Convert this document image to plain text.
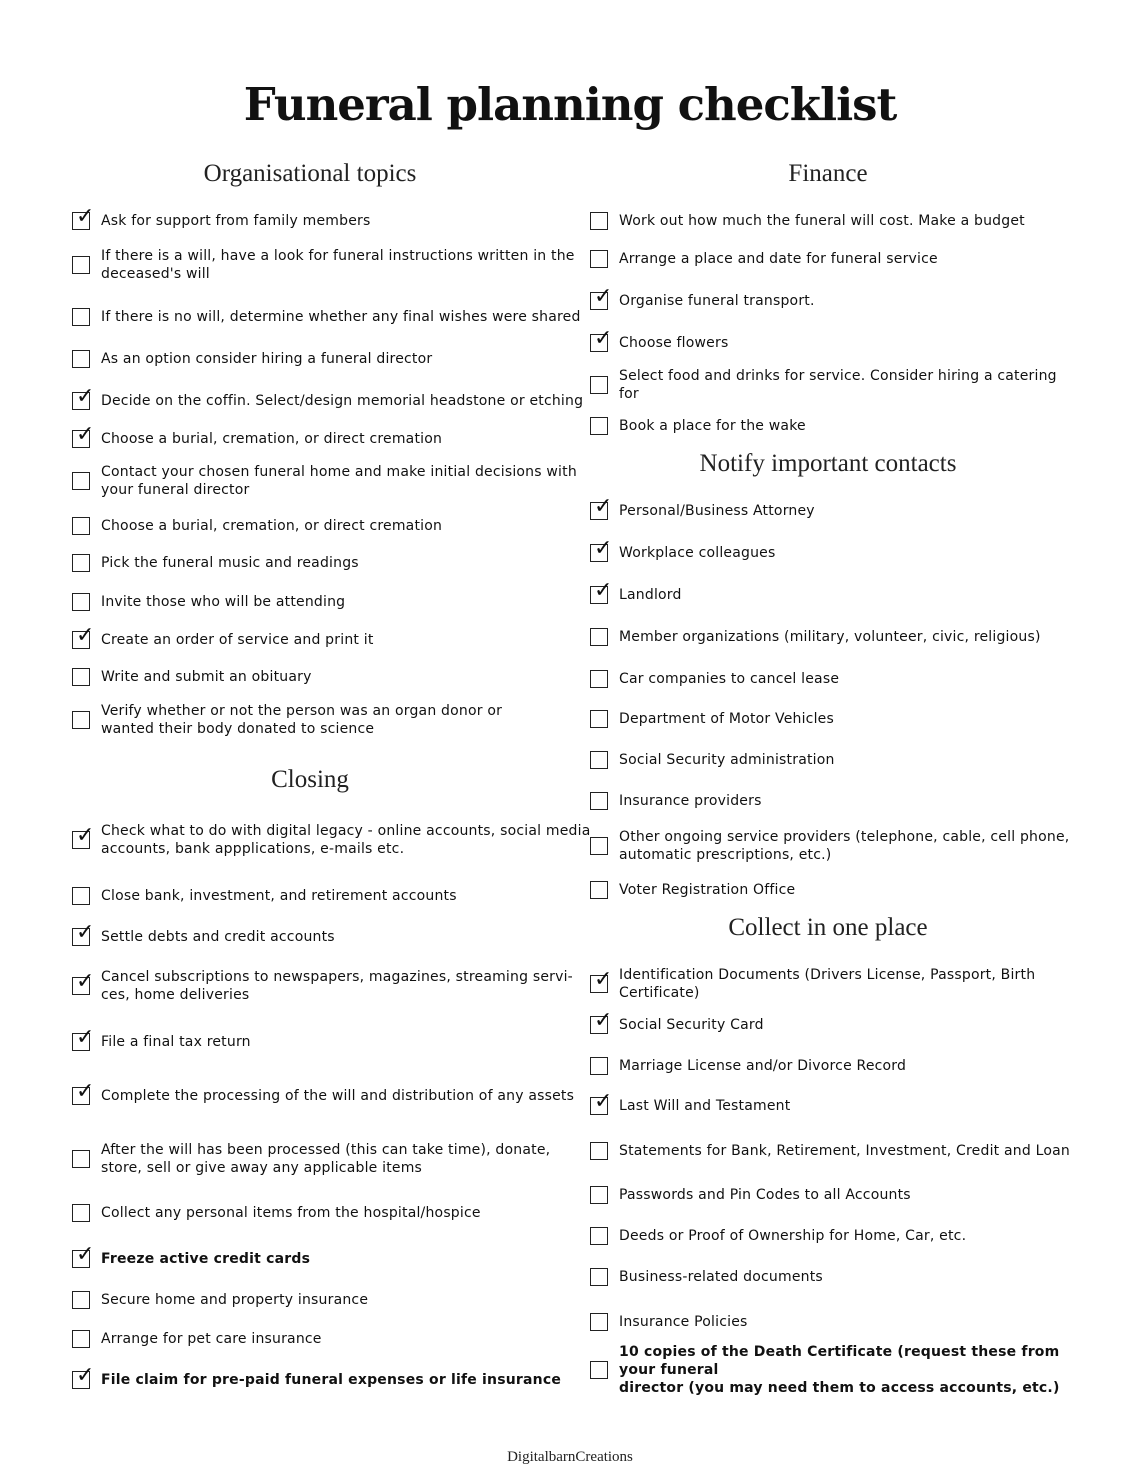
Funeral planning checklist
Organisational topics
Closing
Finance
Notify important contacts
Collect in one place
✓ Ask for support from family members
If there is a will, have a look for funeral instructions written in the
deceased's will
If there is no will, determine whether any final wishes were shared
As an option consider hiring a funeral director
✓ Decide on the coffin. Select/design memorial headstone or etching
✓ Choose a burial, cremation, or direct cremation
Contact your chosen funeral home and make initial decisions with
your funeral director
Choose a burial, cremation, or direct cremation
Pick the funeral music and readings
Invite those who will be attending
✓ Create an order of service and print it
Write and submit an obituary
Verify whether or not the person was an organ donor or
wanted their body donated to science
✓ Check what to do with digital legacy - online accounts, social media
accounts, bank appplications, e-mails etc.
Close bank, investment, and retirement accounts
✓ Settle debts and credit accounts
✓ Cancel subscriptions to newspapers, magazines, streaming servi-
ces, home deliveries
✓ File a final tax return
✓ Complete the processing of the will and distribution of any assets
After the will has been processed (this can take time), donate,
store, sell or give away any applicable items
Collect any personal items from the hospital/hospice
✓ Freeze active credit cards
Secure home and property insurance
Arrange for pet care insurance
✓ File claim for pre-paid funeral expenses or life insurance
Work out how much the funeral will cost. Make a budget
Arrange a place and date for funeral service
✓ Organise funeral transport.
✓ Choose flowers
Select food and drinks for service. Consider hiring a catering for
Book a place for the wake
✓ Personal/Business Attorney
✓ Workplace colleagues
✓ Landlord
Member organizations (military, volunteer, civic, religious)
Car companies to cancel lease
Department of Motor Vehicles
Social Security administration
Insurance providers
Other ongoing service providers (telephone, cable, cell phone,
automatic prescriptions, etc.)
Voter Registration Office
✓ Identification Documents (Drivers License, Passport, Birth
Certificate)
✓ Social Security Card
Marriage License and/or Divorce Record
✓ Last Will and Testament
Statements for Bank, Retirement, Investment, Credit and Loan
Passwords and Pin Codes to all Accounts
Deeds or Proof of Ownership for Home, Car, etc.
Business-related documents
Insurance Policies
10 copies of the Death Certificate (request these from your funeral
director (you may need them to access accounts, etc.)
DigitalbarnCreations
